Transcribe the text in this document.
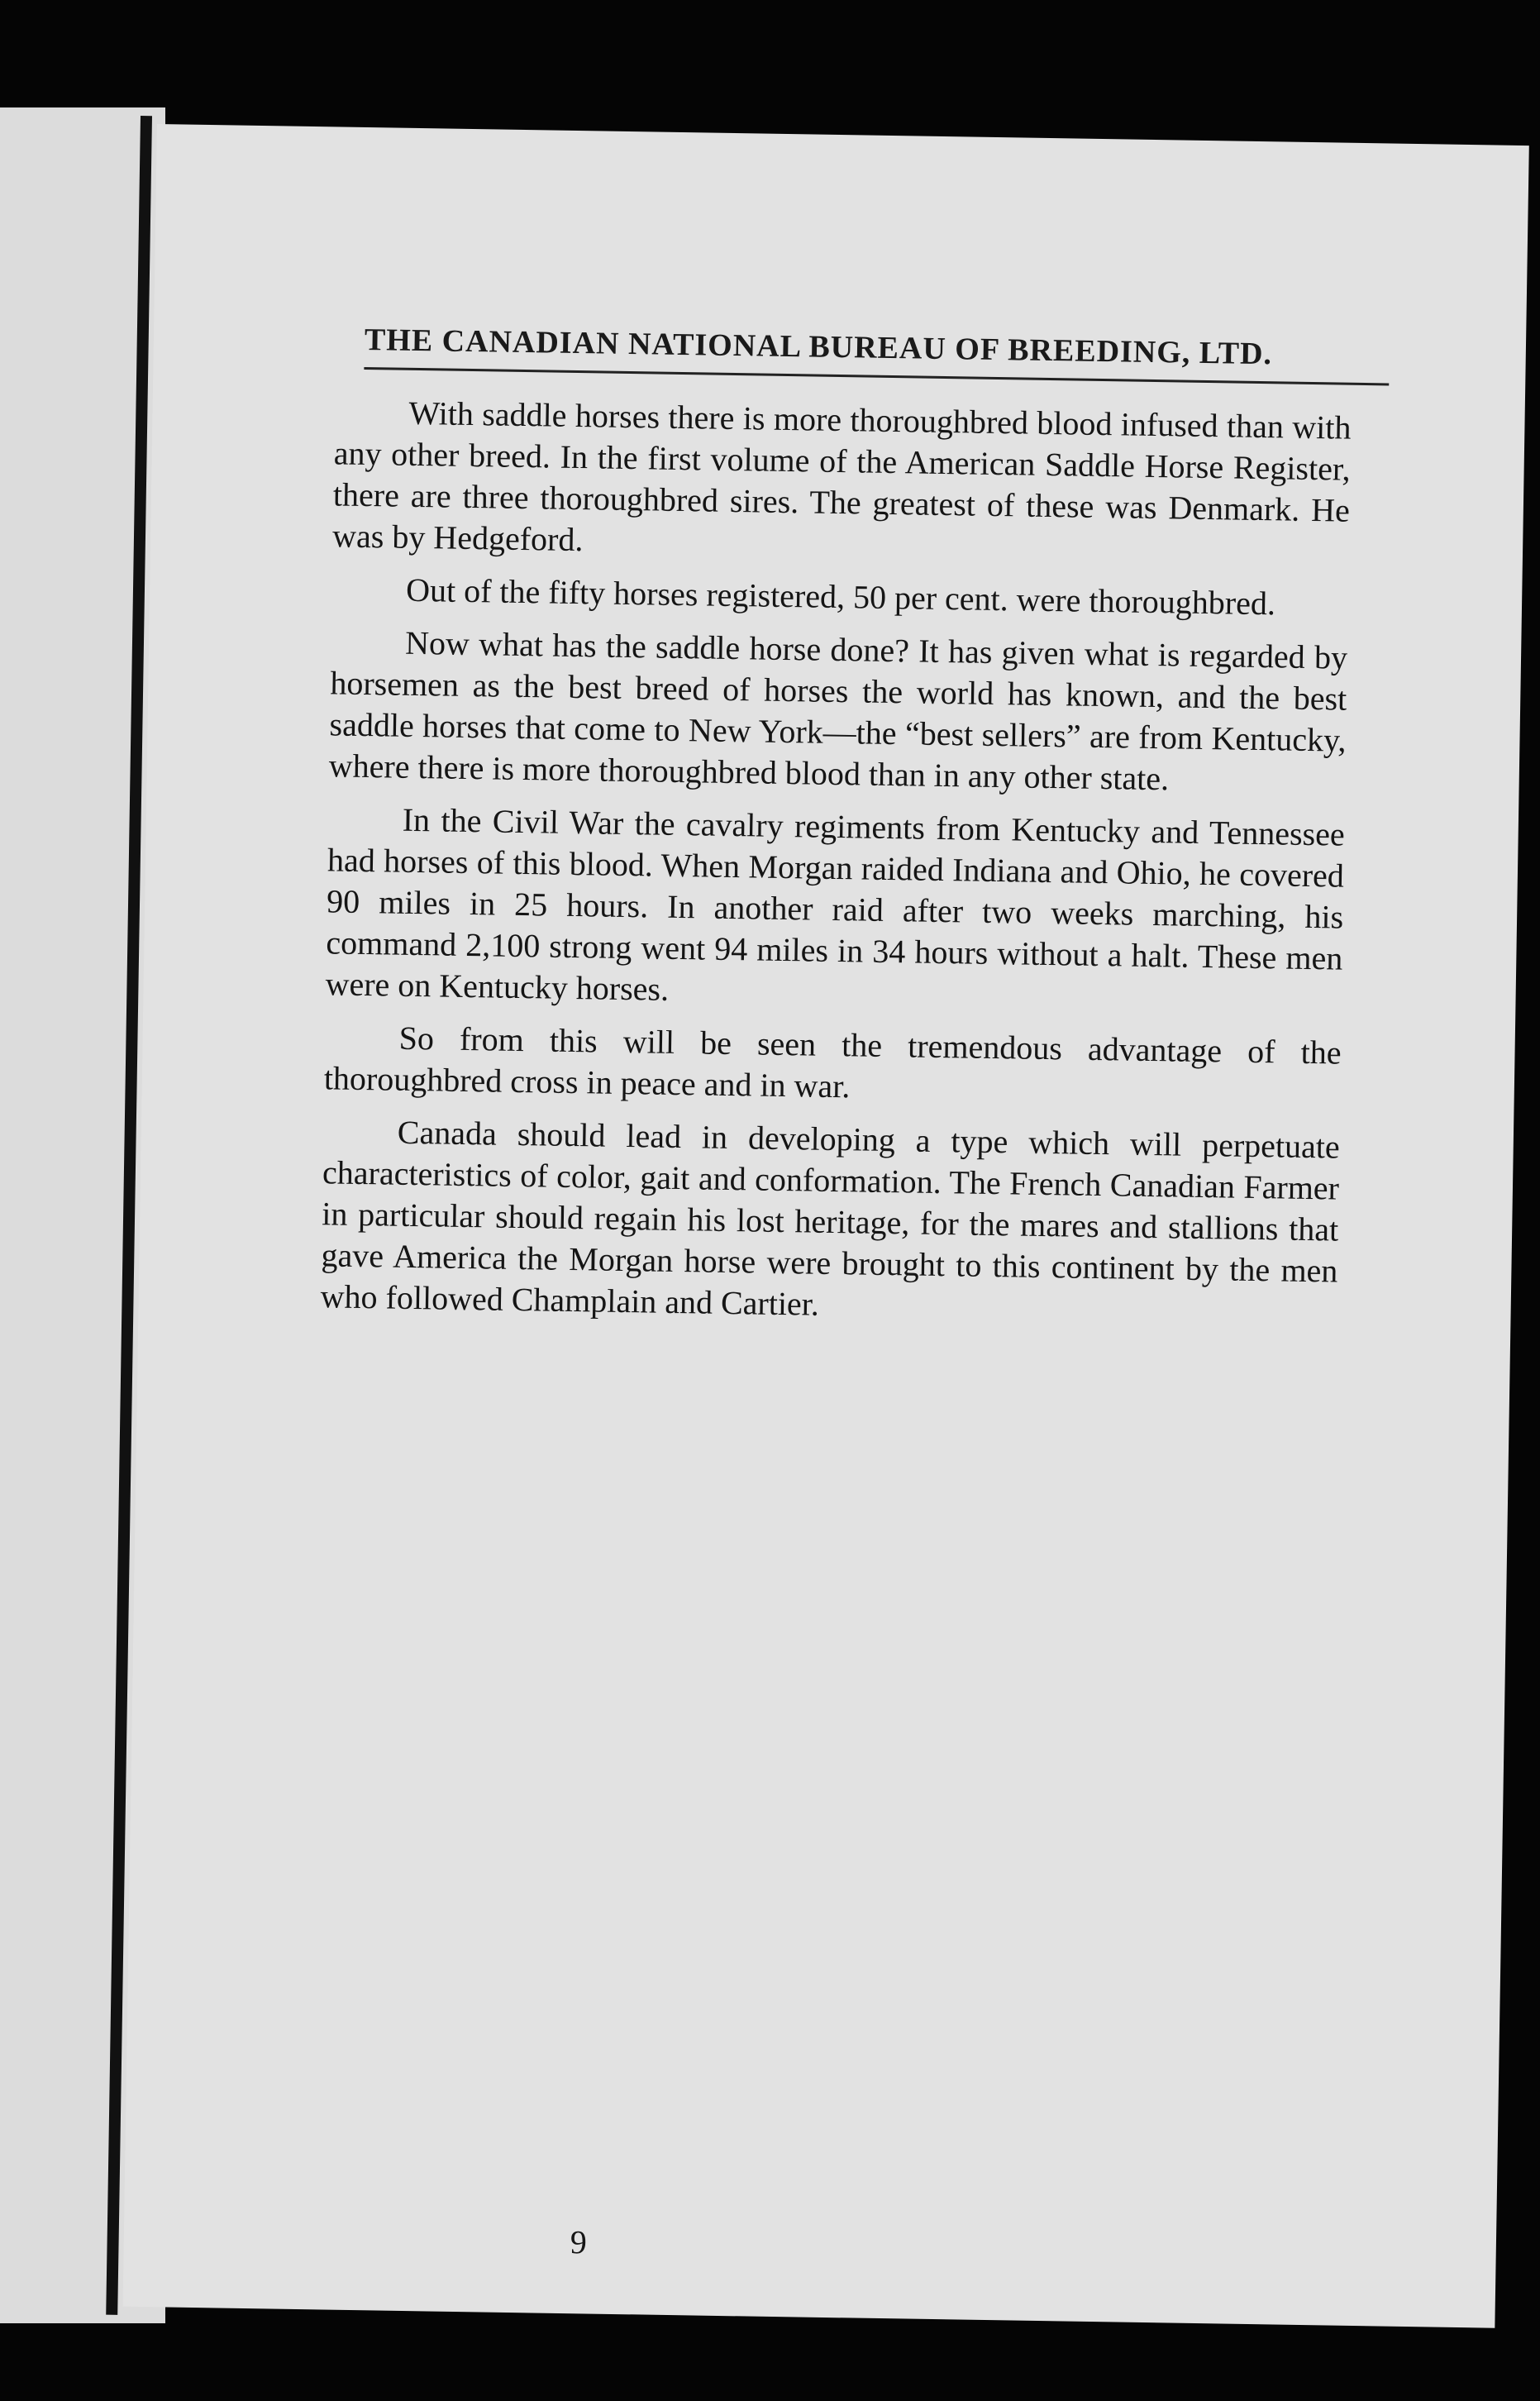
THE CANADIAN NATIONAL BUREAU OF BREEDING, LTD.

With saddle horses there is more thoroughbred blood infused than with any other breed. In the first volume of the American Saddle Horse Register, there are three thoroughbred sires. The greatest of these was Denmark. He was by Hedgeford.

Out of the fifty horses registered, 50 per cent. were thoroughbred.

Now what has the saddle horse done? It has given what is regarded by horsemen as the best breed of horses the world has known, and the best saddle horses that come to New York—the “best sellers” are from Kentucky, where there is more thoroughbred blood than in any other state.

In the Civil War the cavalry regiments from Kentucky and Tennessee had horses of this blood. When Morgan raided Indiana and Ohio, he covered 90 miles in 25 hours. In another raid after two weeks marching, his command 2,100 strong went 94 miles in 34 hours without a halt. These men were on Kentucky horses.

So from this will be seen the tremendous advantage of the thoroughbred cross in peace and in war.

Canada should lead in developing a type which will perpetuate characteristics of color, gait and conformation. The French Canadian Farmer in particular should regain his lost heritage, for the mares and stallions that gave America the Morgan horse were brought to this continent by the men who followed Champlain and Cartier.

9
